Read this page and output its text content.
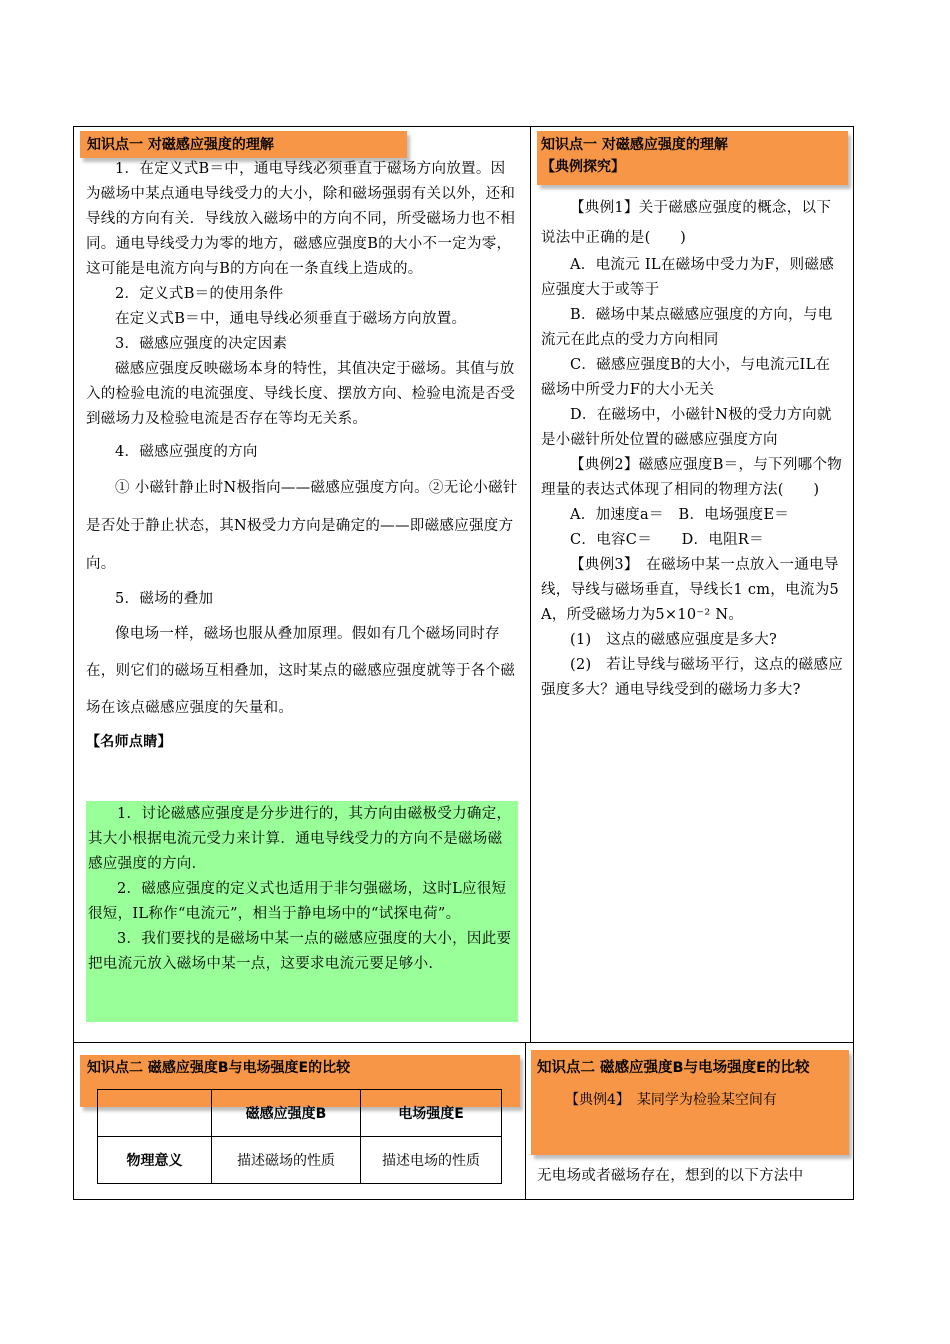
知识点一 对磁感应强度的理解

1．在定义式B＝中，通电导线必须垂直于磁场方向放置。因为磁场中某点通电导线受力的大小，除和磁场强弱有关以外，还和导线的方向有关．导线放入磁场中的方向不同，所受磁场力也不相同。通电导线受力为零的地方，磁感应强度B的大小不一定为零，这可能是电流方向与B的方向在一条直线上造成的。

2．定义式B＝的使用条件

在定义式B＝中，通电导线必须垂直于磁场方向放置。

3．磁感应强度的决定因素

磁感应强度反映磁场本身的特性，其值决定于磁场。其值与放入的检验电流的电流强度、导线长度、摆放方向、检验电流是否受到磁场力及检验电流是否存在等均无关系。

4．磁感应强度的方向

① 小磁针静止时N极指向——磁感应强度方向。②无论小磁针是否处于静止状态，其N极受力方向是确定的——即磁感应强度方向。

5．磁场的叠加

像电场一样，磁场也服从叠加原理。假如有几个磁场同时存在，则它们的磁场互相叠加，这时某点的磁感应强度就等于各个磁场在该点磁感应强度的矢量和。

【名师点睛】

1．讨论磁感应强度是分步进行的，其方向由磁极受力确定，其大小根据电流元受力来计算．通电导线受力的方向不是磁场磁感应强度的方向．

2．磁感应强度的定义式也适用于非匀强磁场，这时L应很短很短，IL称作“电流元”，相当于静电场中的“试探电荷”。

3．我们要找的是磁场中某一点的磁感应强度的大小，因此要把电流元放入磁场中某一点，这要求电流元要足够小.

知识点一 对磁感应强度的理解
【典例探究】

【典例1】关于磁感应强度的概念，以下说法中正确的是(　　)

A．电流元 IL在磁场中受力为F，则磁感应强度大于或等于

B．磁场中某点磁感应强度的方向，与电流元在此点的受力方向相同

C．磁感应强度B的大小，与电流元IL在磁场中所受力F的大小无关

D．在磁场中，小磁针N极的受力方向就是小磁针所处位置的磁感应强度方向

【典例2】磁感应强度B＝，与下列哪个物理量的表达式体现了相同的物理方法(　　)

A．加速度a＝　B．电场强度E＝

C．电容C＝　　D．电阻R＝

【典例3】　在磁场中某一点放入一通电导线，导线与磁场垂直，导线长1 cm，电流为5 A，所受磁场力为5×10⁻² N。

(1)　这点的磁感应强度是多大?

(2)　若让导线与磁场平行，这点的磁感应强度多大？通电导线受到的磁场力多大?

知识点二 磁感应强度B与电场强度E的比较
	磁感应强度B	电场强度E
物理意义	描述磁场的性质	描述电场的性质
知识点二 磁感应强度B与电场强度E的比较
【典例4】　某同学为检验某空间有
无电场或者磁场存在，想到的以下方法中
